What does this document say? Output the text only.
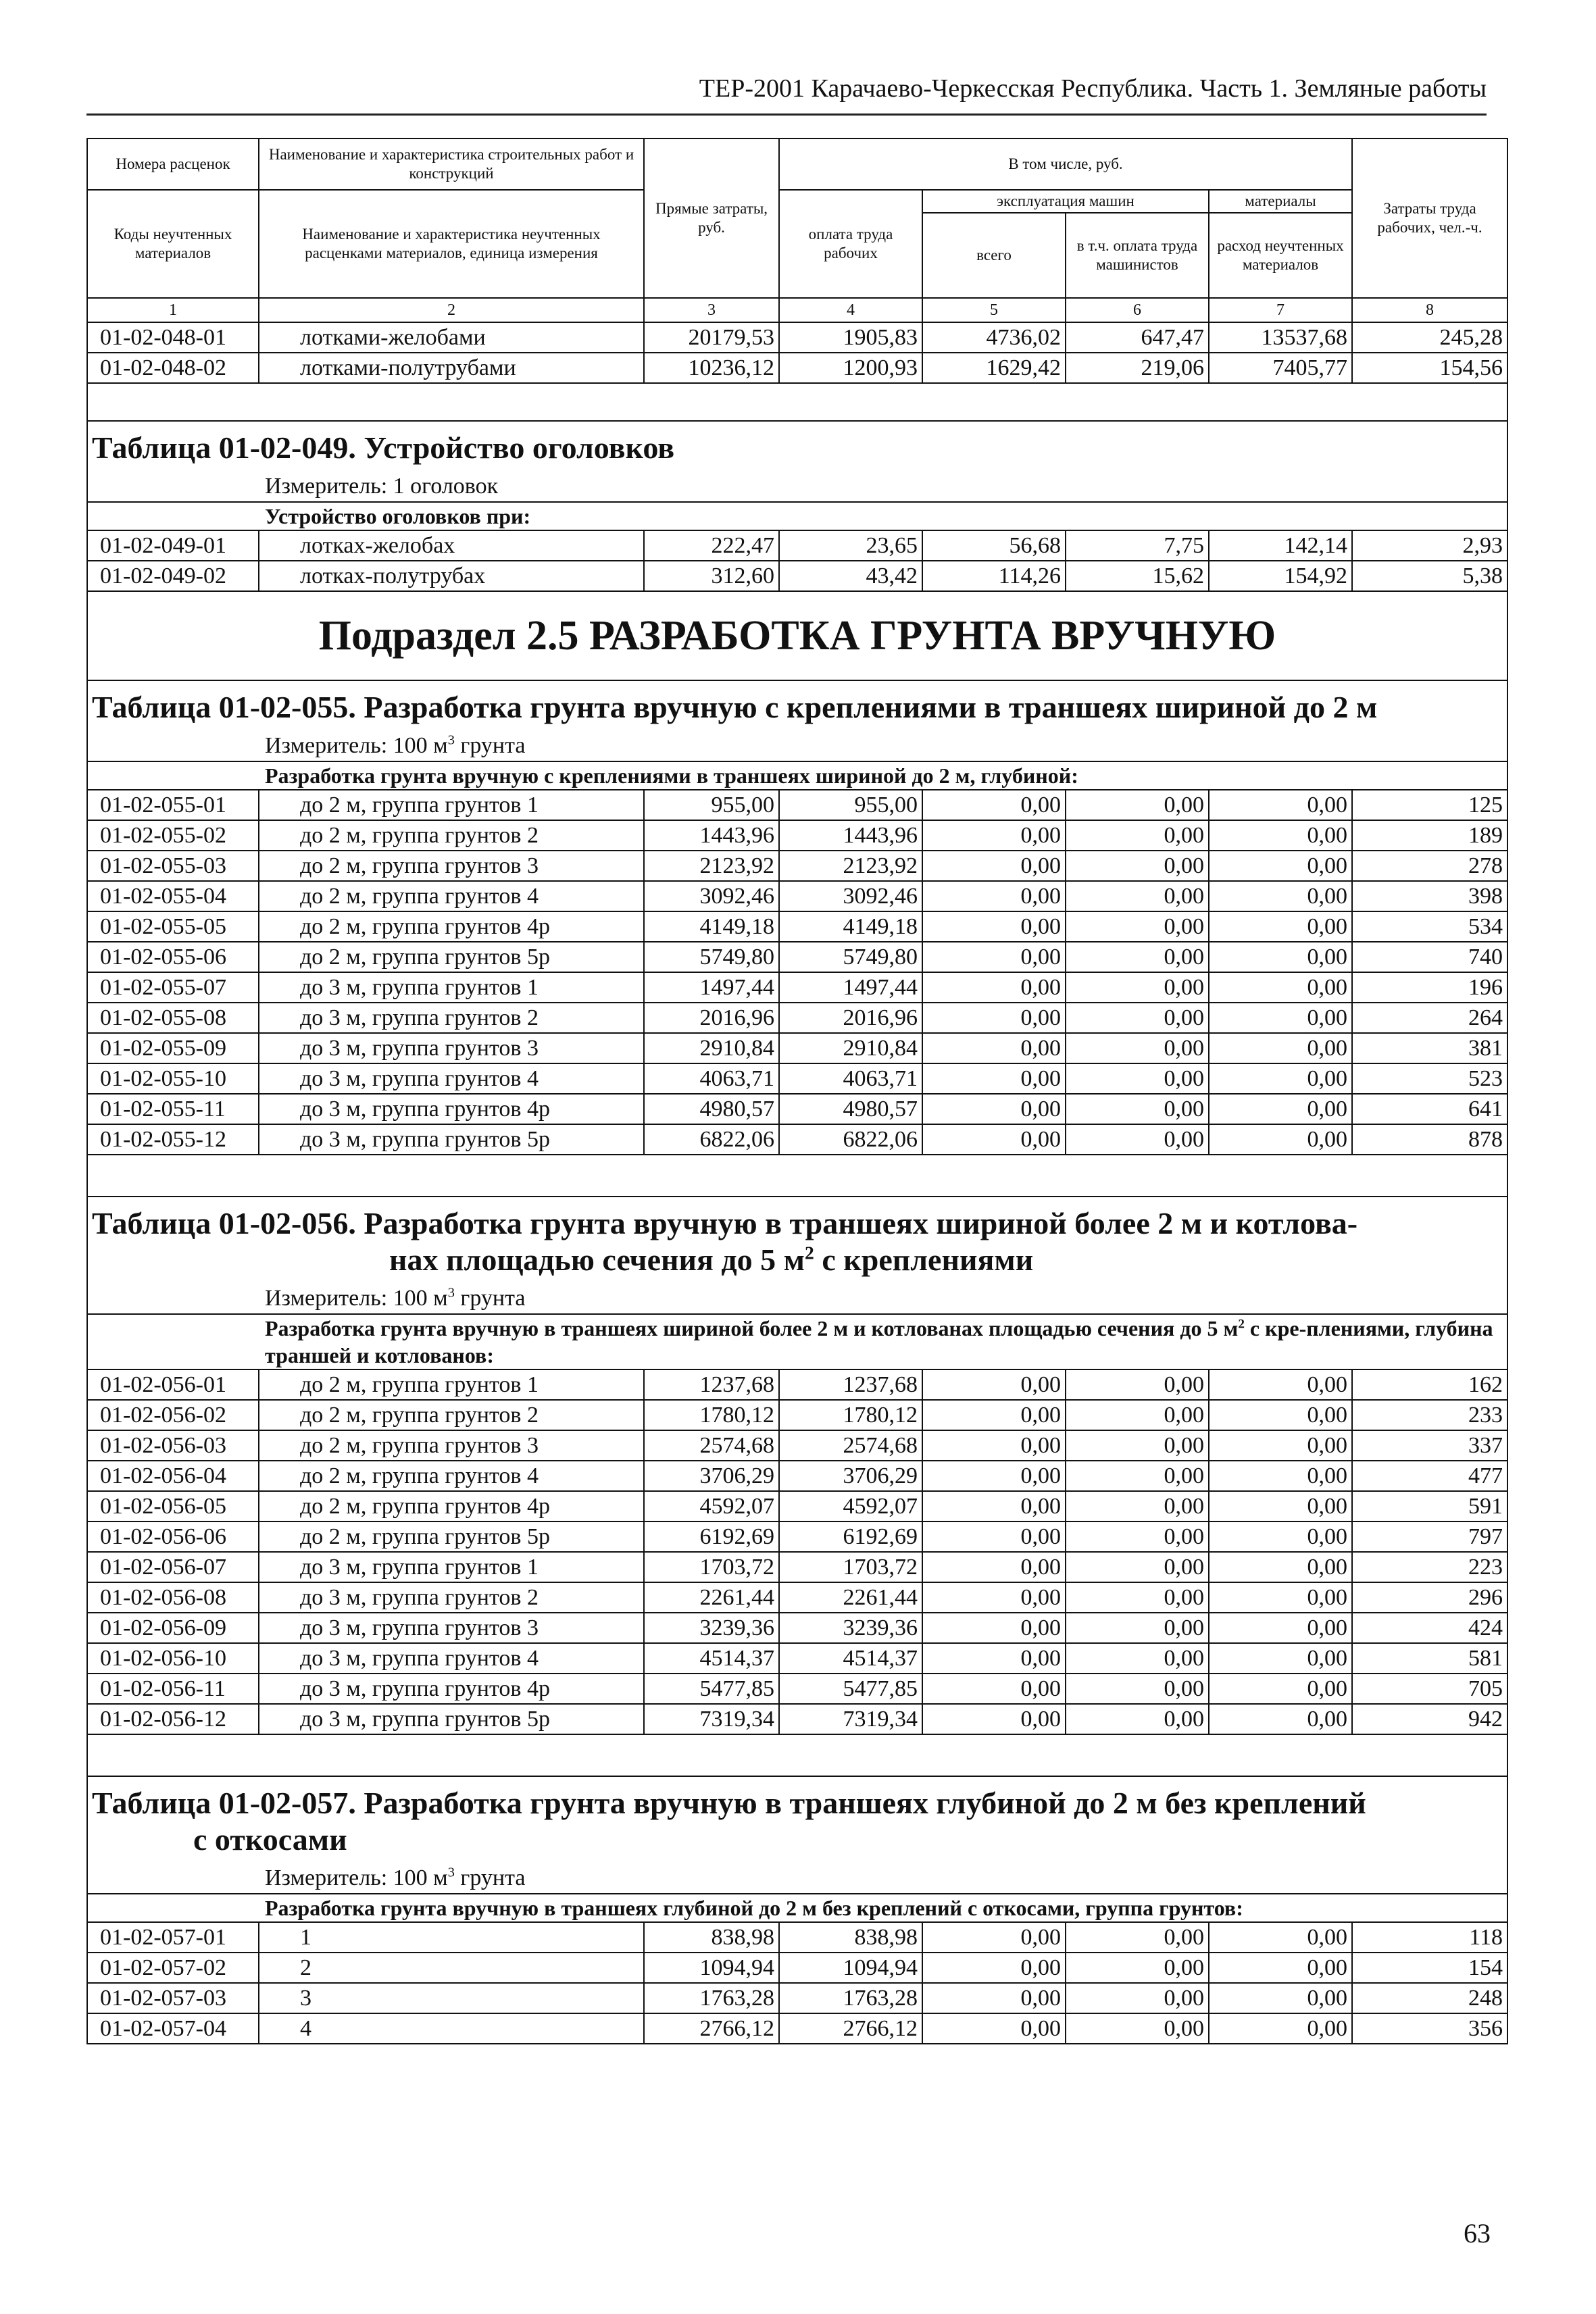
ТЕР-2001 Карачаево-Черкесская Республика. Часть 1. Земляные работы
Номера расценок	Наименование и характеристика строительных работ и конструкций	Прямые затраты, руб.	В том числе, руб.				Затраты труда рабочих, чел.-ч.
Коды неучтенных материалов	Наименование и характеристика неучтенных расценками материалов, единица измерения		оплата труда рабочих	эксплуатация машин		материалы	
				всего	в т.ч. оплата труда машинистов	расход неучтенных материалов	
1	2	3	4	5	6	7	8
01-02-048-01	лотками-желобами	20179,53	1905,83	4736,02	647,47	13537,68	245,28
01-02-048-02	лотками-полутрубами	10236,12	1200,93	1629,42	219,06	7405,77	154,56

Таблица 01-02-049. Устройство оголовков							

Измеритель: 1 оголовок							
Устройство оголовков при:							
01-02-049-01	лотках-желобах	222,47	23,65	56,68	7,75	142,14	2,93
01-02-049-02	лотках-полутрубах	312,60	43,42	114,26	15,62	154,92	5,38
Подраздел 2.5 РАЗРАБОТКА ГРУНТА ВРУЧНУЮ							

Таблица 01-02-055. Разработка грунта вручную с креплениями в траншеях шириной до 2 м							

Измеритель: 100 $м^3$ грунта							
Разработка грунта вручную с креплениями в траншеях шириной до 2 м, глубиной:							
01-02-055-01	до 2 м, группа грунтов 1	955,00	955,00	0,00	0,00	0,00	125
01-02-055-02	до 2 м, группа грунтов 2	1443,96	1443,96	0,00	0,00	0,00	189
01-02-055-03	до 2 м, группа грунтов 3	2123,92	2123,92	0,00	0,00	0,00	278
01-02-055-04	до 2 м, группа грунтов 4	3092,46	3092,46	0,00	0,00	0,00	398
01-02-055-05	до 2 м, группа грунтов 4р	4149,18	4149,18	0,00	0,00	0,00	534
01-02-055-06	до 2 м, группа грунтов 5р	5749,80	5749,80	0,00	0,00	0,00	740
01-02-055-07	до 3 м, группа грунтов 1	1497,44	1497,44	0,00	0,00	0,00	196
01-02-055-08	до 3 м, группа грунтов 2	2016,96	2016,96	0,00	0,00	0,00	264
01-02-055-09	до 3 м, группа грунтов 3	2910,84	2910,84	0,00	0,00	0,00	381
01-02-055-10	до 3 м, группа грунтов 4	4063,71	4063,71	0,00	0,00	0,00	523
01-02-055-11	до 3 м, группа грунтов 4р	4980,57	4980,57	0,00	0,00	0,00	641
01-02-055-12	до 3 м, группа грунтов 5р	6822,06	6822,06	0,00	0,00	0,00	878

Таблица 01-02-056. Разработка грунта вручную в траншеях шириной более 2 м и котлова-
нах площадью сечения до 5 $м^2$ с креплениями							

Измеритель: 100 $м^3$ грунта							
Разработка грунта вручную в траншеях шириной более 2 м и котлованах площадью сечения до 5 $м^2$ с кре-плениями, глубина траншей и котлованов:							
01-02-056-01	до 2 м, группа грунтов 1	1237,68	1237,68	0,00	0,00	0,00	162
01-02-056-02	до 2 м, группа грунтов 2	1780,12	1780,12	0,00	0,00	0,00	233
01-02-056-03	до 2 м, группа грунтов 3	2574,68	2574,68	0,00	0,00	0,00	337
01-02-056-04	до 2 м, группа грунтов 4	3706,29	3706,29	0,00	0,00	0,00	477
01-02-056-05	до 2 м, группа грунтов 4р	4592,07	4592,07	0,00	0,00	0,00	591
01-02-056-06	до 2 м, группа грунтов 5р	6192,69	6192,69	0,00	0,00	0,00	797
01-02-056-07	до 3 м, группа грунтов 1	1703,72	1703,72	0,00	0,00	0,00	223
01-02-056-08	до 3 м, группа грунтов 2	2261,44	2261,44	0,00	0,00	0,00	296
01-02-056-09	до 3 м, группа грунтов 3	3239,36	3239,36	0,00	0,00	0,00	424
01-02-056-10	до 3 м, группа грунтов 4	4514,37	4514,37	0,00	0,00	0,00	581
01-02-056-11	до 3 м, группа грунтов 4р	5477,85	5477,85	0,00	0,00	0,00	705
01-02-056-12	до 3 м, группа грунтов 5р	7319,34	7319,34	0,00	0,00	0,00	942

Таблица 01-02-057. Разработка грунта вручную в траншеях глубиной до 2 м без креплений
с откосами							

Измеритель: 100 $м^3$ грунта							
Разработка грунта вручную в траншеях глубиной до 2 м без креплений с откосами, группа грунтов:							
01-02-057-01	1	838,98	838,98	0,00	0,00	0,00	118
01-02-057-02	2	1094,94	1094,94	0,00	0,00	0,00	154
01-02-057-03	3	1763,28	1763,28	0,00	0,00	0,00	248
01-02-057-04	4	2766,12	2766,12	0,00	0,00	0,00	356
63
